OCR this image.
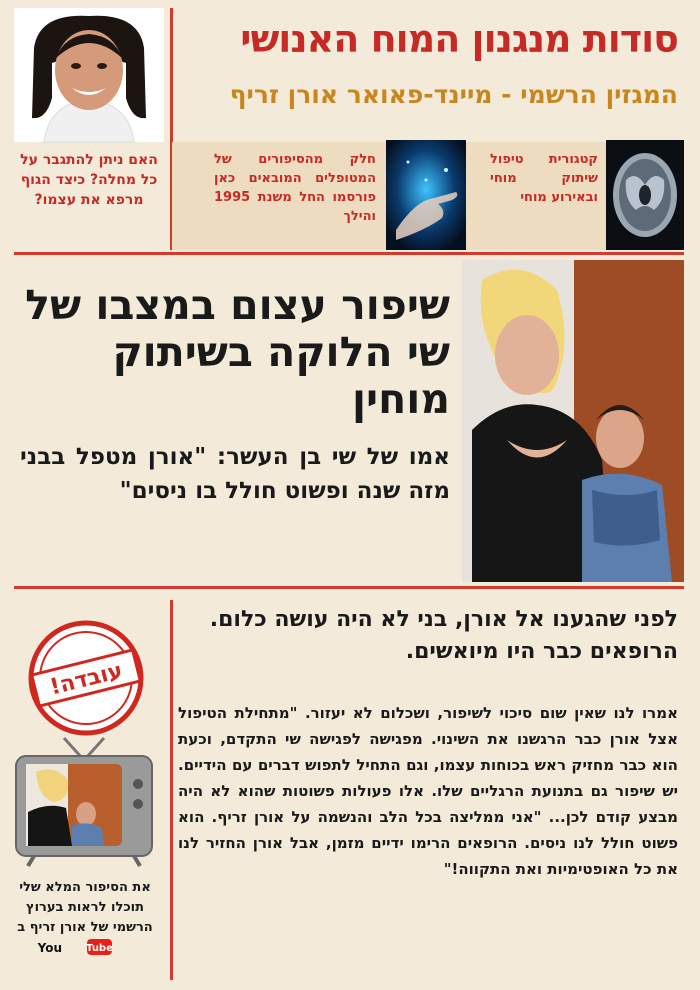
סודות מנגנון המוח האנושי
המגזין הרשמי - מיינד-פאואר אורן זריף
האם ניתן להתגבר על כל מחלה? כיצד הגוף מרפא את עצמו?
קטגורית טיפול שיתוק מוחי ובאירוע מוחי
חלק מהסיפורים של המטופלים המובאים כאן פורסמו החל משנת 1995 והילך
שיפור עצום במצבו של שי הלוקה בשיתוק מוחין
אמו של שי בן העשר: "אורן מטפל בבני מזה שנה ופשוט חולל בו ניסים"
לפני שהגענו אל אורן, בני לא היה עושה כלום. הרופאים כבר היו מיואשים.
אמרו לנו שאין שום סיכוי לשיפור, ושכלום לא יעזור. "מתחילת הטיפול אצל אורן כבר הרגשנו את השינוי. מפגישה לפגישה שי התקדם, וכעת הוא כבר מחזיק ראש בכוחות עצמו, וגם התחיל לתפוש דברים עם הידיים. יש שיפור גם בתנועת הרגליים שלו. אלו פעולות פשוטות שהוא לא היה מבצע קודם לכן... "אני ממליצה בכל הלב והנשמה על אורן זריף. הוא פשוט חולל לנו ניסים. הרופאים הרימו ידיים מזמן, אבל אורן החזיר לנו את כל האופטימיות ואת התקווה!"
עובדה!
את הסיפור המלא שלי תוכלו לראות בערוץ הרשמי של אורן זריף ב
You Tube
